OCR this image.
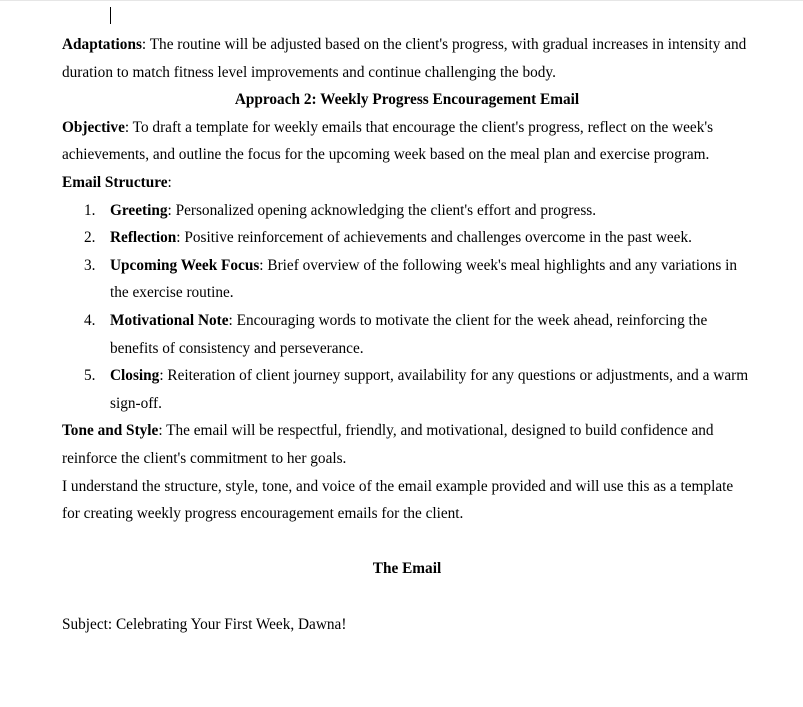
Adaptations: The routine will be adjusted based on the client's progress, with gradual increases in intensity and duration to match fitness level improvements and continue challenging the body.

Approach 2: Weekly Progress Encouragement Email

Objective: To draft a template for weekly emails that encourage the client's progress, reflect on the week's achievements, and outline the focus for the upcoming week based on the meal plan and exercise program.

Email Structure:

1. Greeting: Personalized opening acknowledging the client's effort and progress.
2. Reflection: Positive reinforcement of achievements and challenges overcome in the past week.
3. Upcoming Week Focus: Brief overview of the following week's meal highlights and any variations in the exercise routine.
4. Motivational Note: Encouraging words to motivate the client for the week ahead, reinforcing the benefits of consistency and perseverance.
5. Closing: Reiteration of client journey support, availability for any questions or adjustments, and a warm sign-off.

Tone and Style: The email will be respectful, friendly, and motivational, designed to build confidence and reinforce the client's commitment to her goals.

I understand the structure, style, tone, and voice of the email example provided and will use this as a template for creating weekly progress encouragement emails for the client.

The Email

Subject: Celebrating Your First Week, Dawna!
